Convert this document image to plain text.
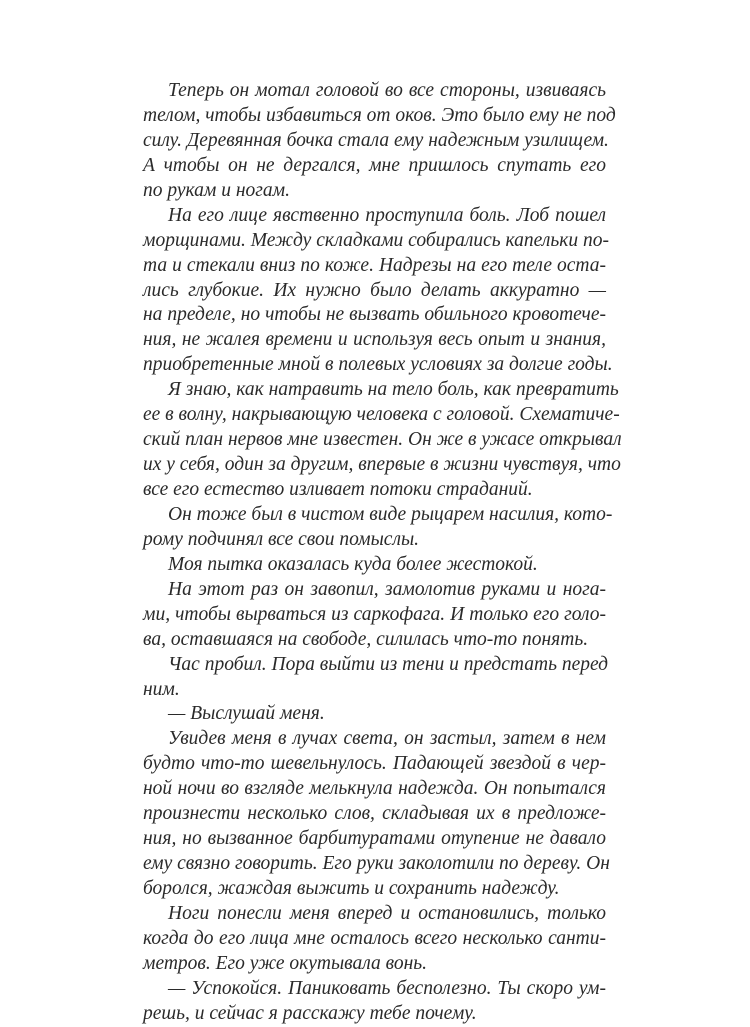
Теперь он мотал головой во все стороны, извиваясь
телом, чтобы избавиться от оков. Это было ему не под
силу. Деревянная бочка стала ему надежным узилищем.
А чтобы он не дергался, мне пришлось спутать его
по рукам и ногам.
На его лице явственно проступила боль. Лоб пошел
морщинами. Между складками собирались капельки по-
та и стекали вниз по коже. Надрезы на его теле оста-
лись глубокие. Их нужно было делать аккуратно —
на пределе, но чтобы не вызвать обильного кровотече-
ния, не жалея времени и используя весь опыт и знания,
приобретенные мной в полевых условиях за долгие годы.
Я знаю, как натравить на тело боль, как превратить
ее в волну, накрывающую человека с головой. Схематиче-
ский план нервов мне известен. Он же в ужасе открывал
их у себя, один за другим, впервые в жизни чувствуя, что
все его естество изливает потоки страданий.
Он тоже был в чистом виде рыцарем насилия, кото-
рому подчинял все свои помыслы.
Моя пытка оказалась куда более жестокой.
На этот раз он завопил, замолотив руками и нога-
ми, чтобы вырваться из саркофага. И только его голо-
ва, оставшаяся на свободе, силилась что-то понять.
Час пробил. Пора выйти из тени и предстать перед
ним.
— Выслушай меня.
Увидев меня в лучах света, он застыл, затем в нем
будто что-то шевельнулось. Падающей звездой в чер-
ной ночи во взгляде мелькнула надежда. Он попытался
произнести несколько слов, складывая их в предложе-
ния, но вызванное барбитуратами отупение не давало
ему связно говорить. Его руки заколотили по дереву. Он
боролся, жаждая выжить и сохранить надежду.
Ноги понесли меня вперед и остановились, только
когда до его лица мне осталось всего несколько санти-
метров. Его уже окутывала вонь.
— Успокойся. Паниковать бесполезно. Ты скоро ум-
решь, и сейчас я расскажу тебе почему.
